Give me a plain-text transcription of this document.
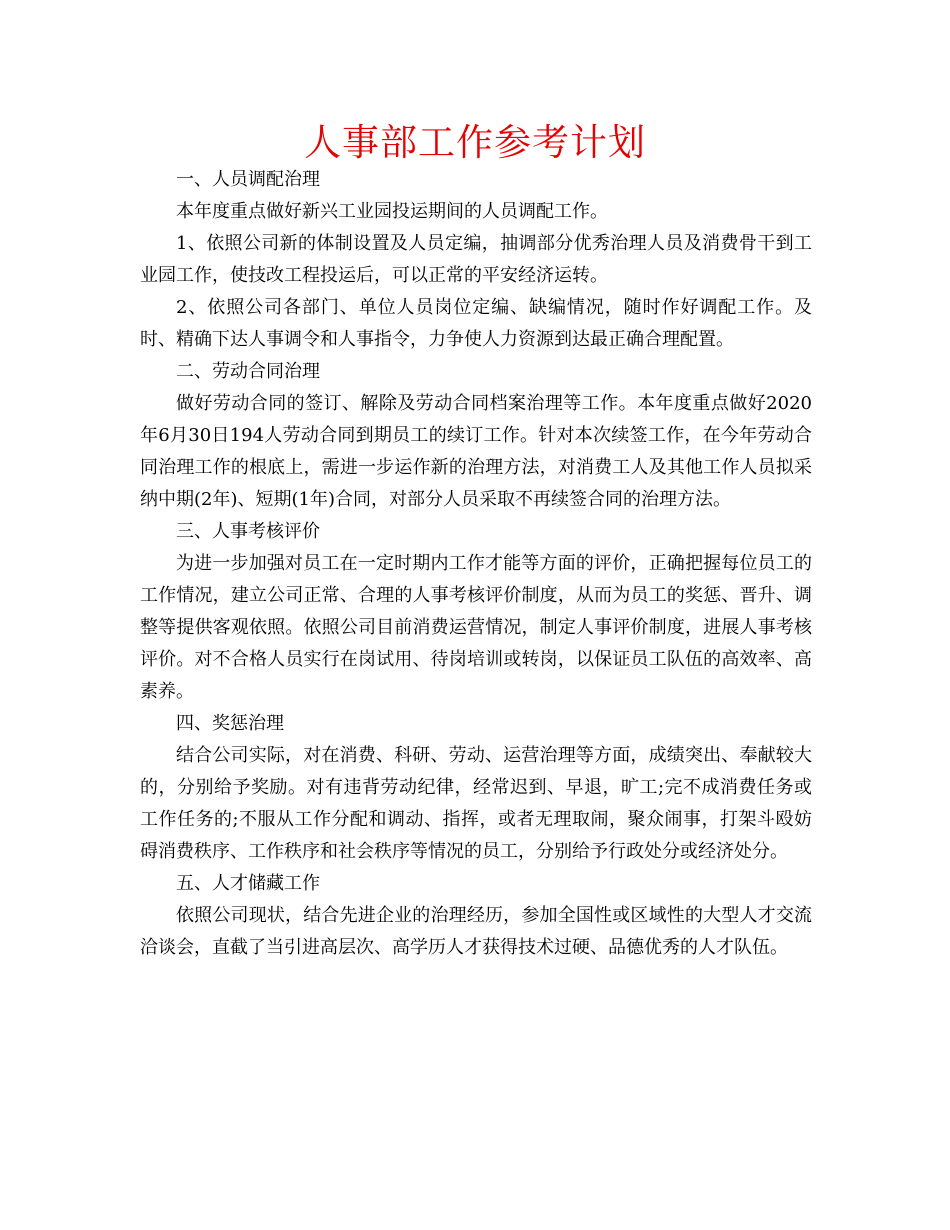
人事部工作参考计划

一、人员调配治理

本年度重点做好新兴工业园投运期间的人员调配工作。

1、依照公司新的体制设置及人员定编，抽调部分优秀治理人员及消费骨干到工业园工作，使技改工程投运后，可以正常的平安经济运转。

2、依照公司各部门、单位人员岗位定编、缺编情况，随时作好调配工作。及时、精确下达人事调令和人事指令，力争使人力资源到达最正确合理配置。

二、劳动合同治理

做好劳动合同的签订、解除及劳动合同档案治理等工作。本年度重点做好2020年6月30日194人劳动合同到期员工的续订工作。针对本次续签工作，在今年劳动合同治理工作的根底上，需进一步运作新的治理方法，对消费工人及其他工作人员拟采纳中期(2年)、短期(1年)合同，对部分人员采取不再续签合同的治理方法。

三、人事考核评价

为进一步加强对员工在一定时期内工作才能等方面的评价，正确把握每位员工的工作情况，建立公司正常、合理的人事考核评价制度，从而为员工的奖惩、晋升、调整等提供客观依照。依照公司目前消费运营情况，制定人事评价制度，进展人事考核评价。对不合格人员实行在岗试用、待岗培训或转岗，以保证员工队伍的高效率、高素养。

四、奖惩治理

结合公司实际，对在消费、科研、劳动、运营治理等方面，成绩突出、奉献较大的，分别给予奖励。对有违背劳动纪律，经常迟到、早退，旷工;完不成消费任务或工作任务的;不服从工作分配和调动、指挥，或者无理取闹，聚众闹事，打架斗殴妨碍消费秩序、工作秩序和社会秩序等情况的员工，分别给予行政处分或经济处分。

五、人才储藏工作

依照公司现状，结合先进企业的治理经历，参加全国性或区域性的大型人才交流洽谈会，直截了当引进高层次、高学历人才获得技术过硬、品德优秀的人才队伍。
